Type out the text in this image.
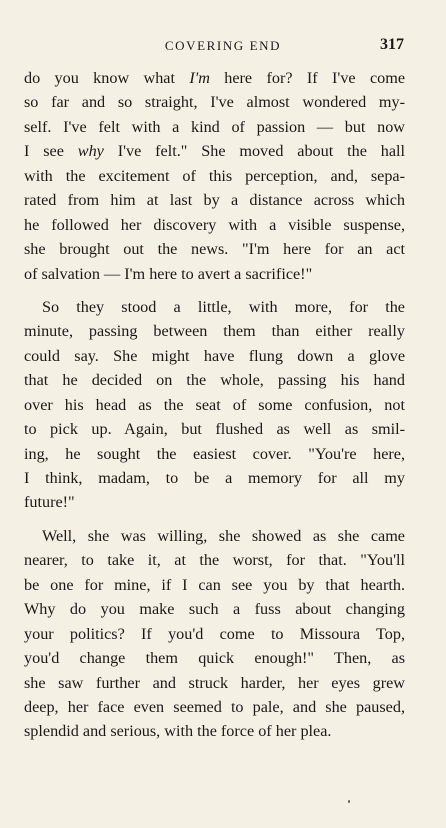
COVERING END	317
do you know what I'm here for? If I've come
so far and so straight, I've almost wondered my-
self. I've felt with a kind of passion — but now
I see why I've felt." She moved about the hall
with the excitement of this perception, and, sepa-
rated from him at last by a distance across which
he followed her discovery with a visible suspense,
she brought out the news. "I'm here for an act
of salvation — I'm here to avert a sacrifice!"
So they stood a little, with more, for the
minute, passing between them than either really
could say. She might have flung down a glove
that he decided on the whole, passing his hand
over his head as the seat of some confusion, not
to pick up. Again, but flushed as well as smil-
ing, he sought the easiest cover. "You're here,
I think, madam, to be a memory for all my
future!"
Well, she was willing, she showed as she came
nearer, to take it, at the worst, for that. "You'll
be one for mine, if I can see you by that hearth.
Why do you make such a fuss about changing
your politics? If you'd come to Missoura Top,
you'd change them quick enough!" Then, as
she saw further and struck harder, her eyes grew
deep, her face even seemed to pale, and she paused,
splendid and serious, with the force of her plea.
